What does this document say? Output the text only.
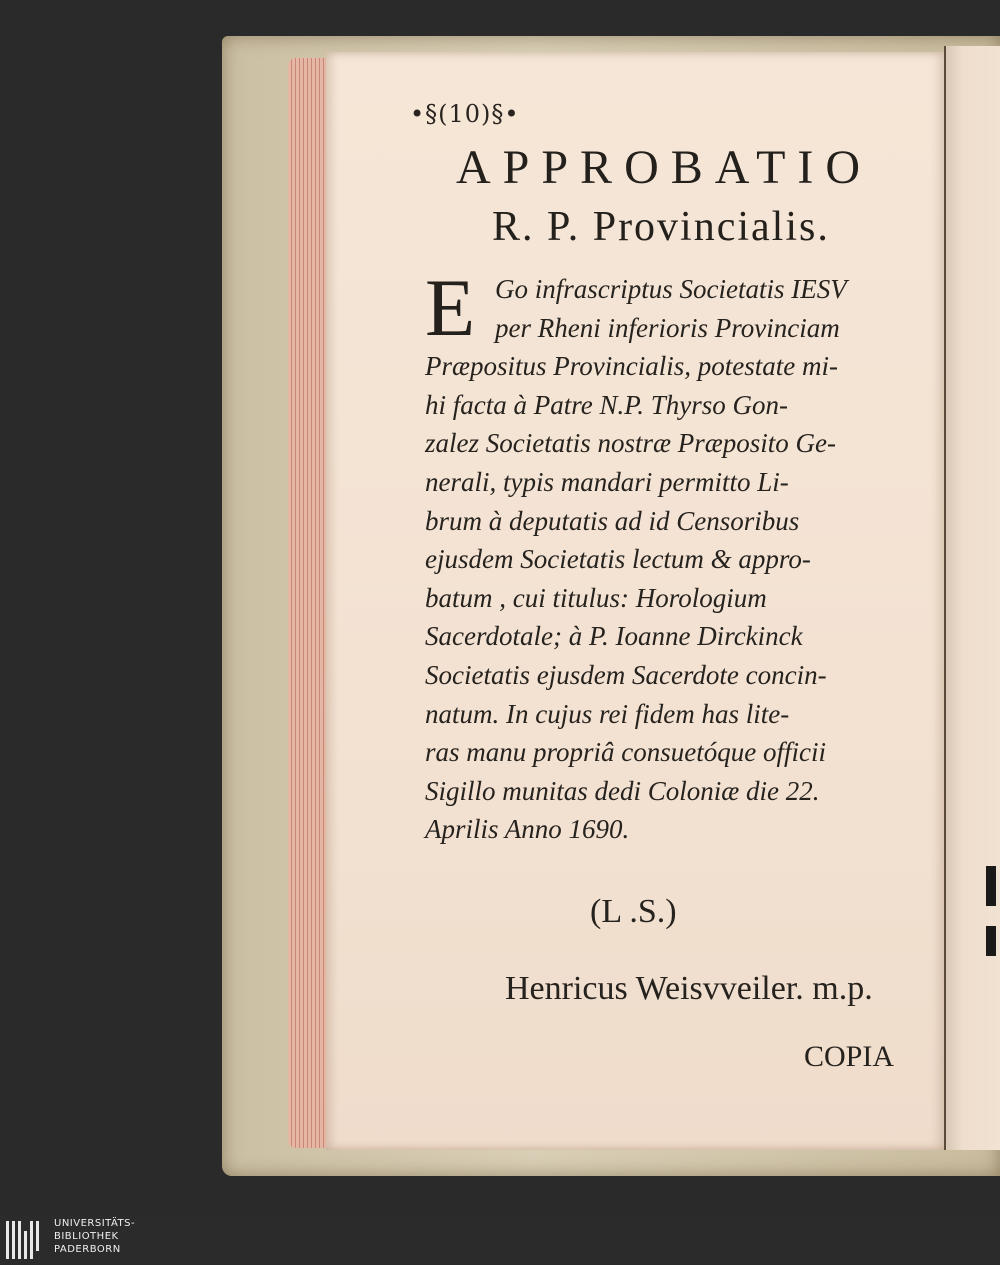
•§(10)§•
APPROBATIO
R. P. Provincialis.
E Go infrascriptus Societatis IESV
per Rheni inferioris Provinciam
Præpositus Provincialis, potestate mi-
hi facta à Patre N.P. Thyrso Gon-
zalez Societatis nostræ Præposito Ge-
nerali, typis mandari permitto Li-
brum à deputatis ad id Censoribus
ejusdem Societatis lectum & appro-
batum , cui titulus: Horologium
Sacerdotale; à P. Ioanne Dirckinck
Societatis ejusdem Sacerdote concin-
natum. In cujus rei fidem has lite-
ras manu propriâ consuetóque officii
Sigillo munitas dedi Coloniæ die 22.
Aprilis Anno 1690.
(L .S.)
Henricus Weisvveiler. m.p.
COPIA
UNIVERSITÄTS-
BIBLIOTHEK
PADERBORN
